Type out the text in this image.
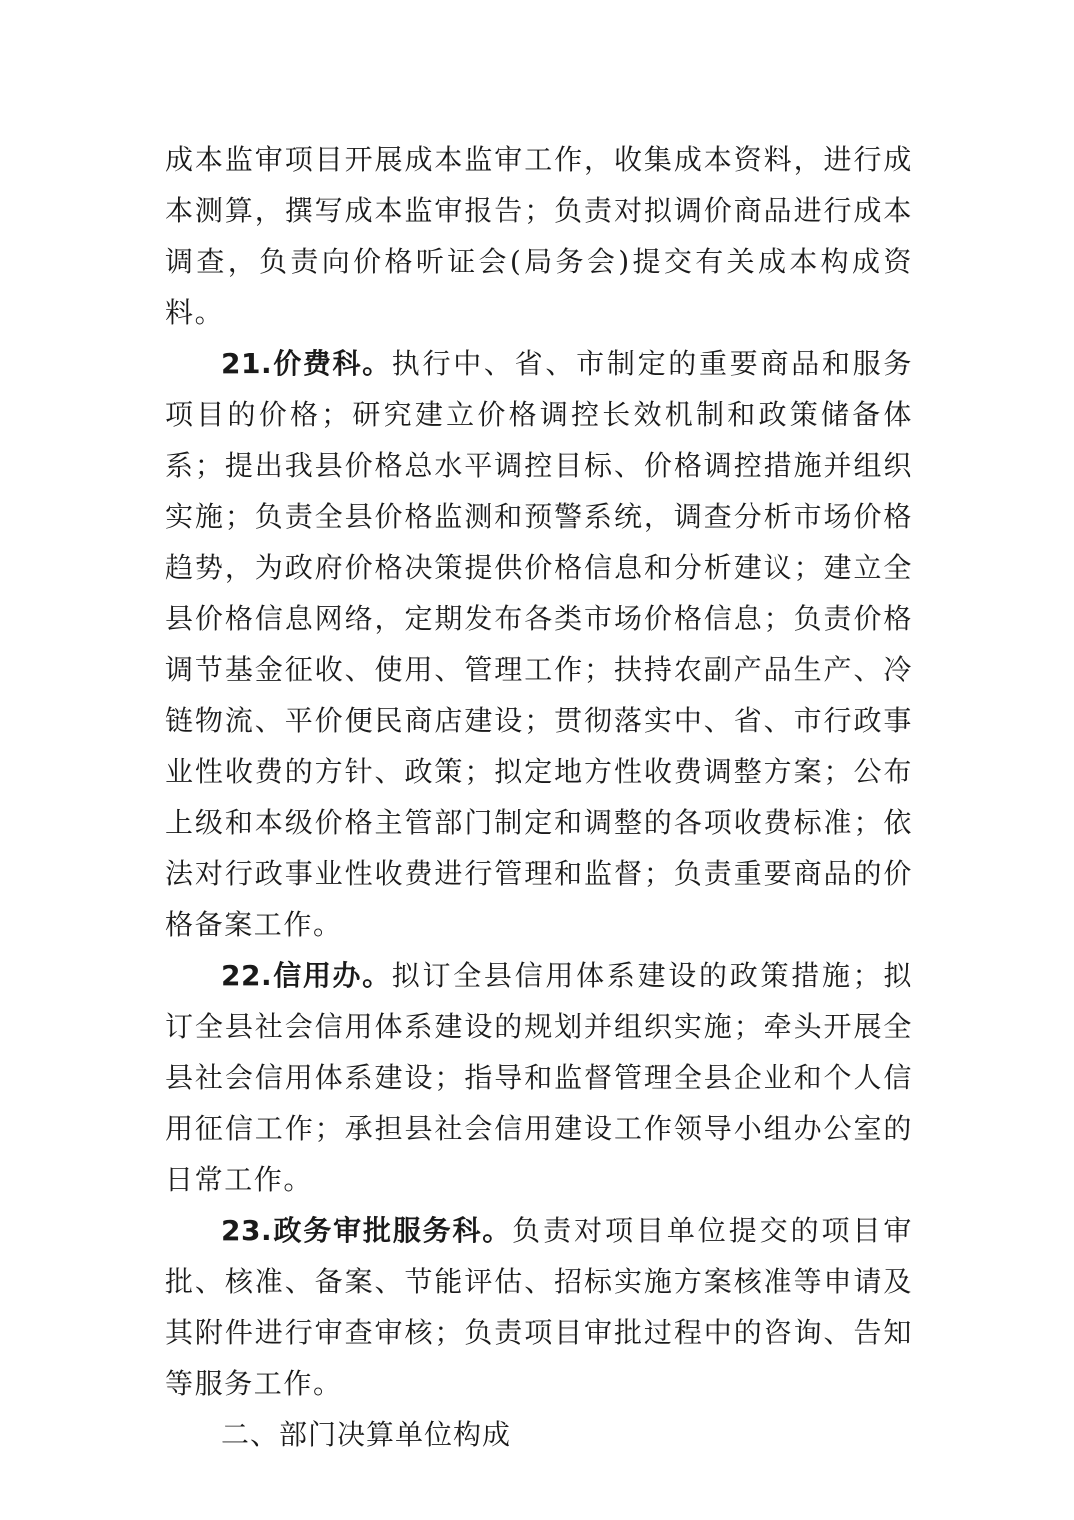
成本监审项目开展成本监审工作，收集成本资料，进行成本测算，撰写成本监审报告；负责对拟调价商品进行成本调查，负责向价格听证会(局务会)提交有关成本构成资料。

21.价费科。执行中、省、市制定的重要商品和服务项目的价格；研究建立价格调控长效机制和政策储备体系；提出我县价格总水平调控目标、价格调控措施并组织实施；负责全县价格监测和预警系统，调查分析市场价格趋势，为政府价格决策提供价格信息和分析建议；建立全县价格信息网络，定期发布各类市场价格信息；负责价格调节基金征收、使用、管理工作；扶持农副产品生产、冷链物流、平价便民商店建设；贯彻落实中、省、市行政事业性收费的方针、政策；拟定地方性收费调整方案；公布上级和本级价格主管部门制定和调整的各项收费标准；依法对行政事业性收费进行管理和监督；负责重要商品的价格备案工作。

22.信用办。拟订全县信用体系建设的政策措施；拟订全县社会信用体系建设的规划并组织实施；牵头开展全县社会信用体系建设；指导和监督管理全县企业和个人信用征信工作；承担县社会信用建设工作领导小组办公室的日常工作。

23.政务审批服务科。负责对项目单位提交的项目审批、核准、备案、节能评估、招标实施方案核准等申请及其附件进行审查审核；负责项目审批过程中的咨询、告知等服务工作。

二、部门决算单位构成
